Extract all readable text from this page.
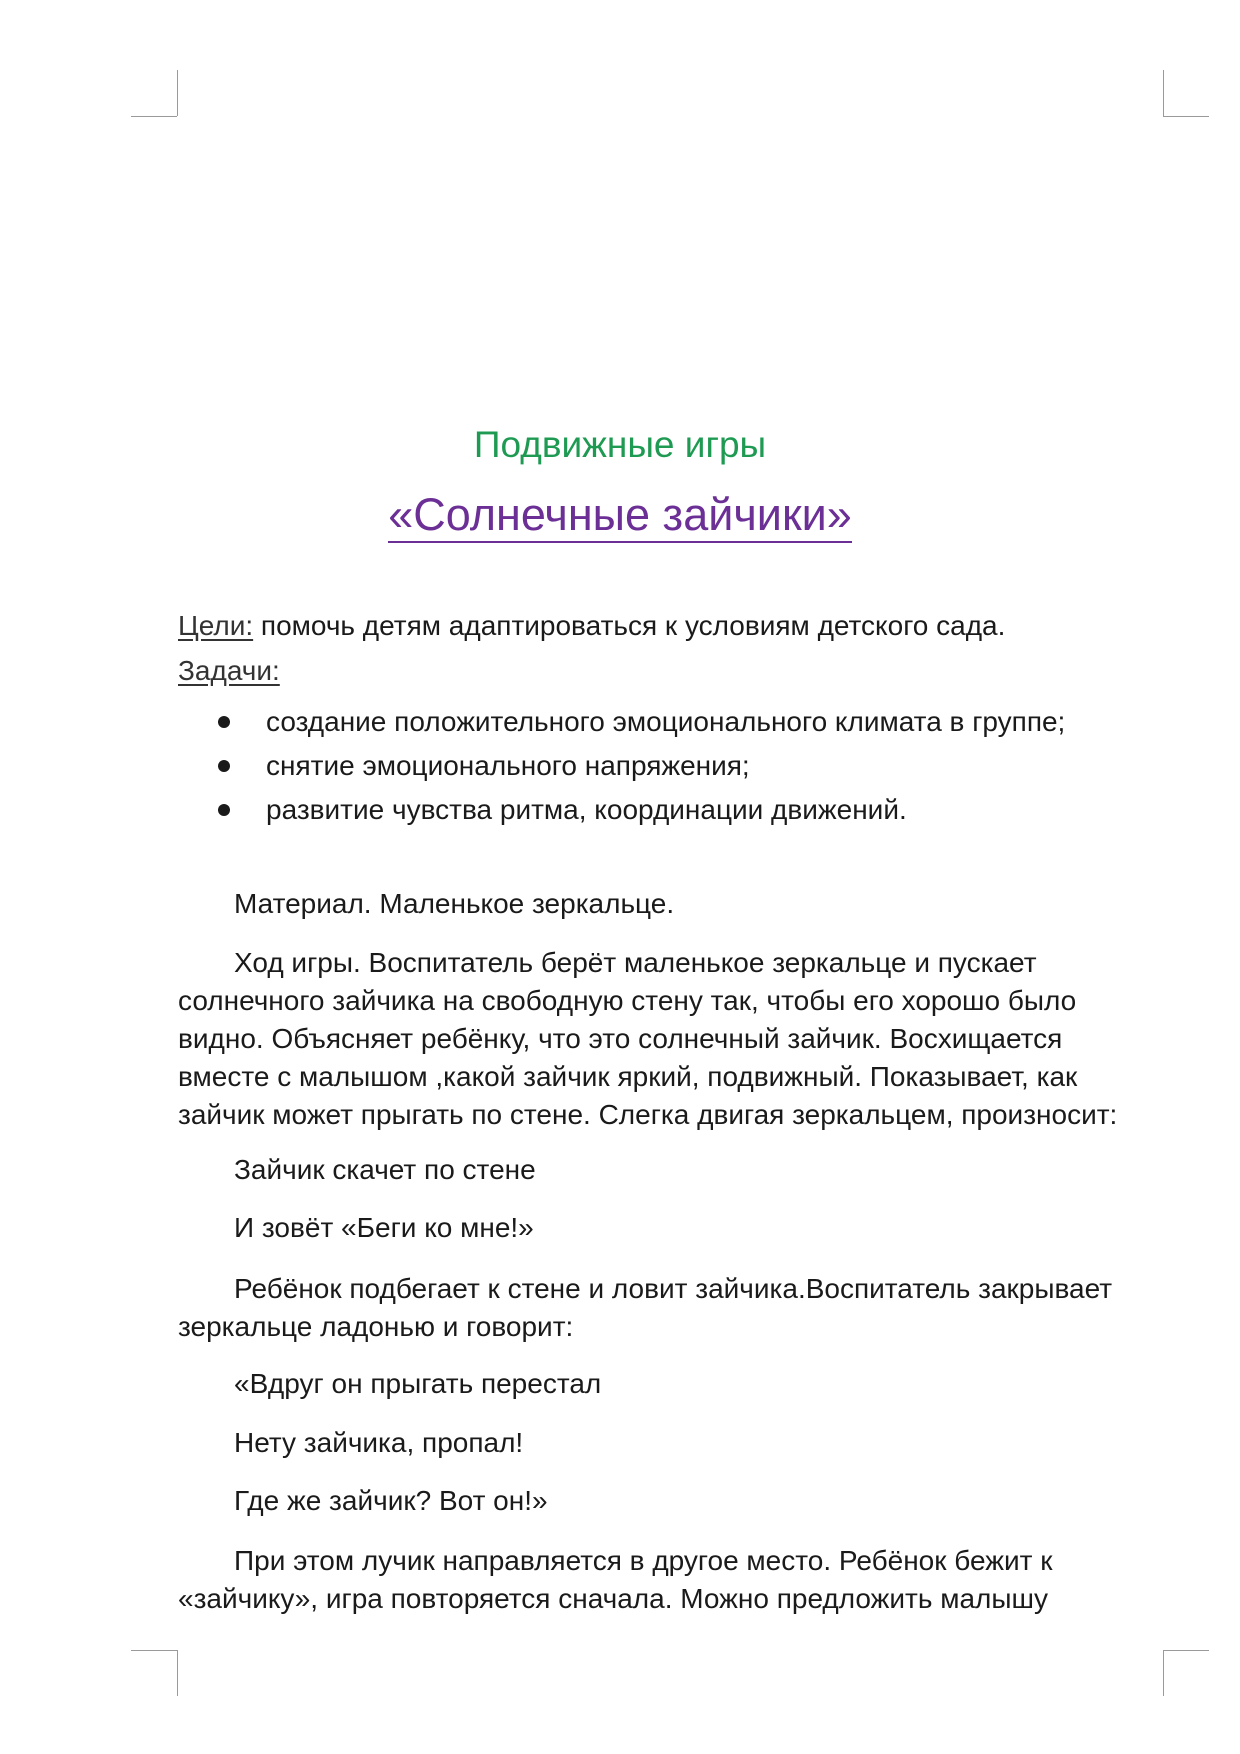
Подвижные игры
«Солнечные зайчики»
Цели: помочь детям адаптироваться к условиям детского сада.
Задачи:
создание положительного эмоционального климата в группе;
снятие эмоционального напряжения;
развитие чувства ритма, координации движений.
Материал. Маленькое зеркальце.
Ход игры. Воспитатель берёт маленькое зеркальце и пускает
солнечного зайчика на свободную стену так, чтобы его хорошо было
видно. Объясняет ребёнку, что это солнечный зайчик. Восхищается
вместе с малышом ,какой зайчик яркий, подвижный. Показывает, как
зайчик может прыгать по стене. Слегка двигая зеркальцем, произносит:
Зайчик скачет по стене
И зовёт «Беги ко мне!»
Ребёнок подбегает к стене и ловит зайчика.Воспитатель закрывает
зеркальце ладонью и говорит:
«Вдруг он прыгать перестал
Нету зайчика, пропал!
Где же зайчик? Вот он!»
При этом лучик направляется в другое место. Ребёнок бежит к
«зайчику», игра повторяется сначала. Можно предложить малышу
